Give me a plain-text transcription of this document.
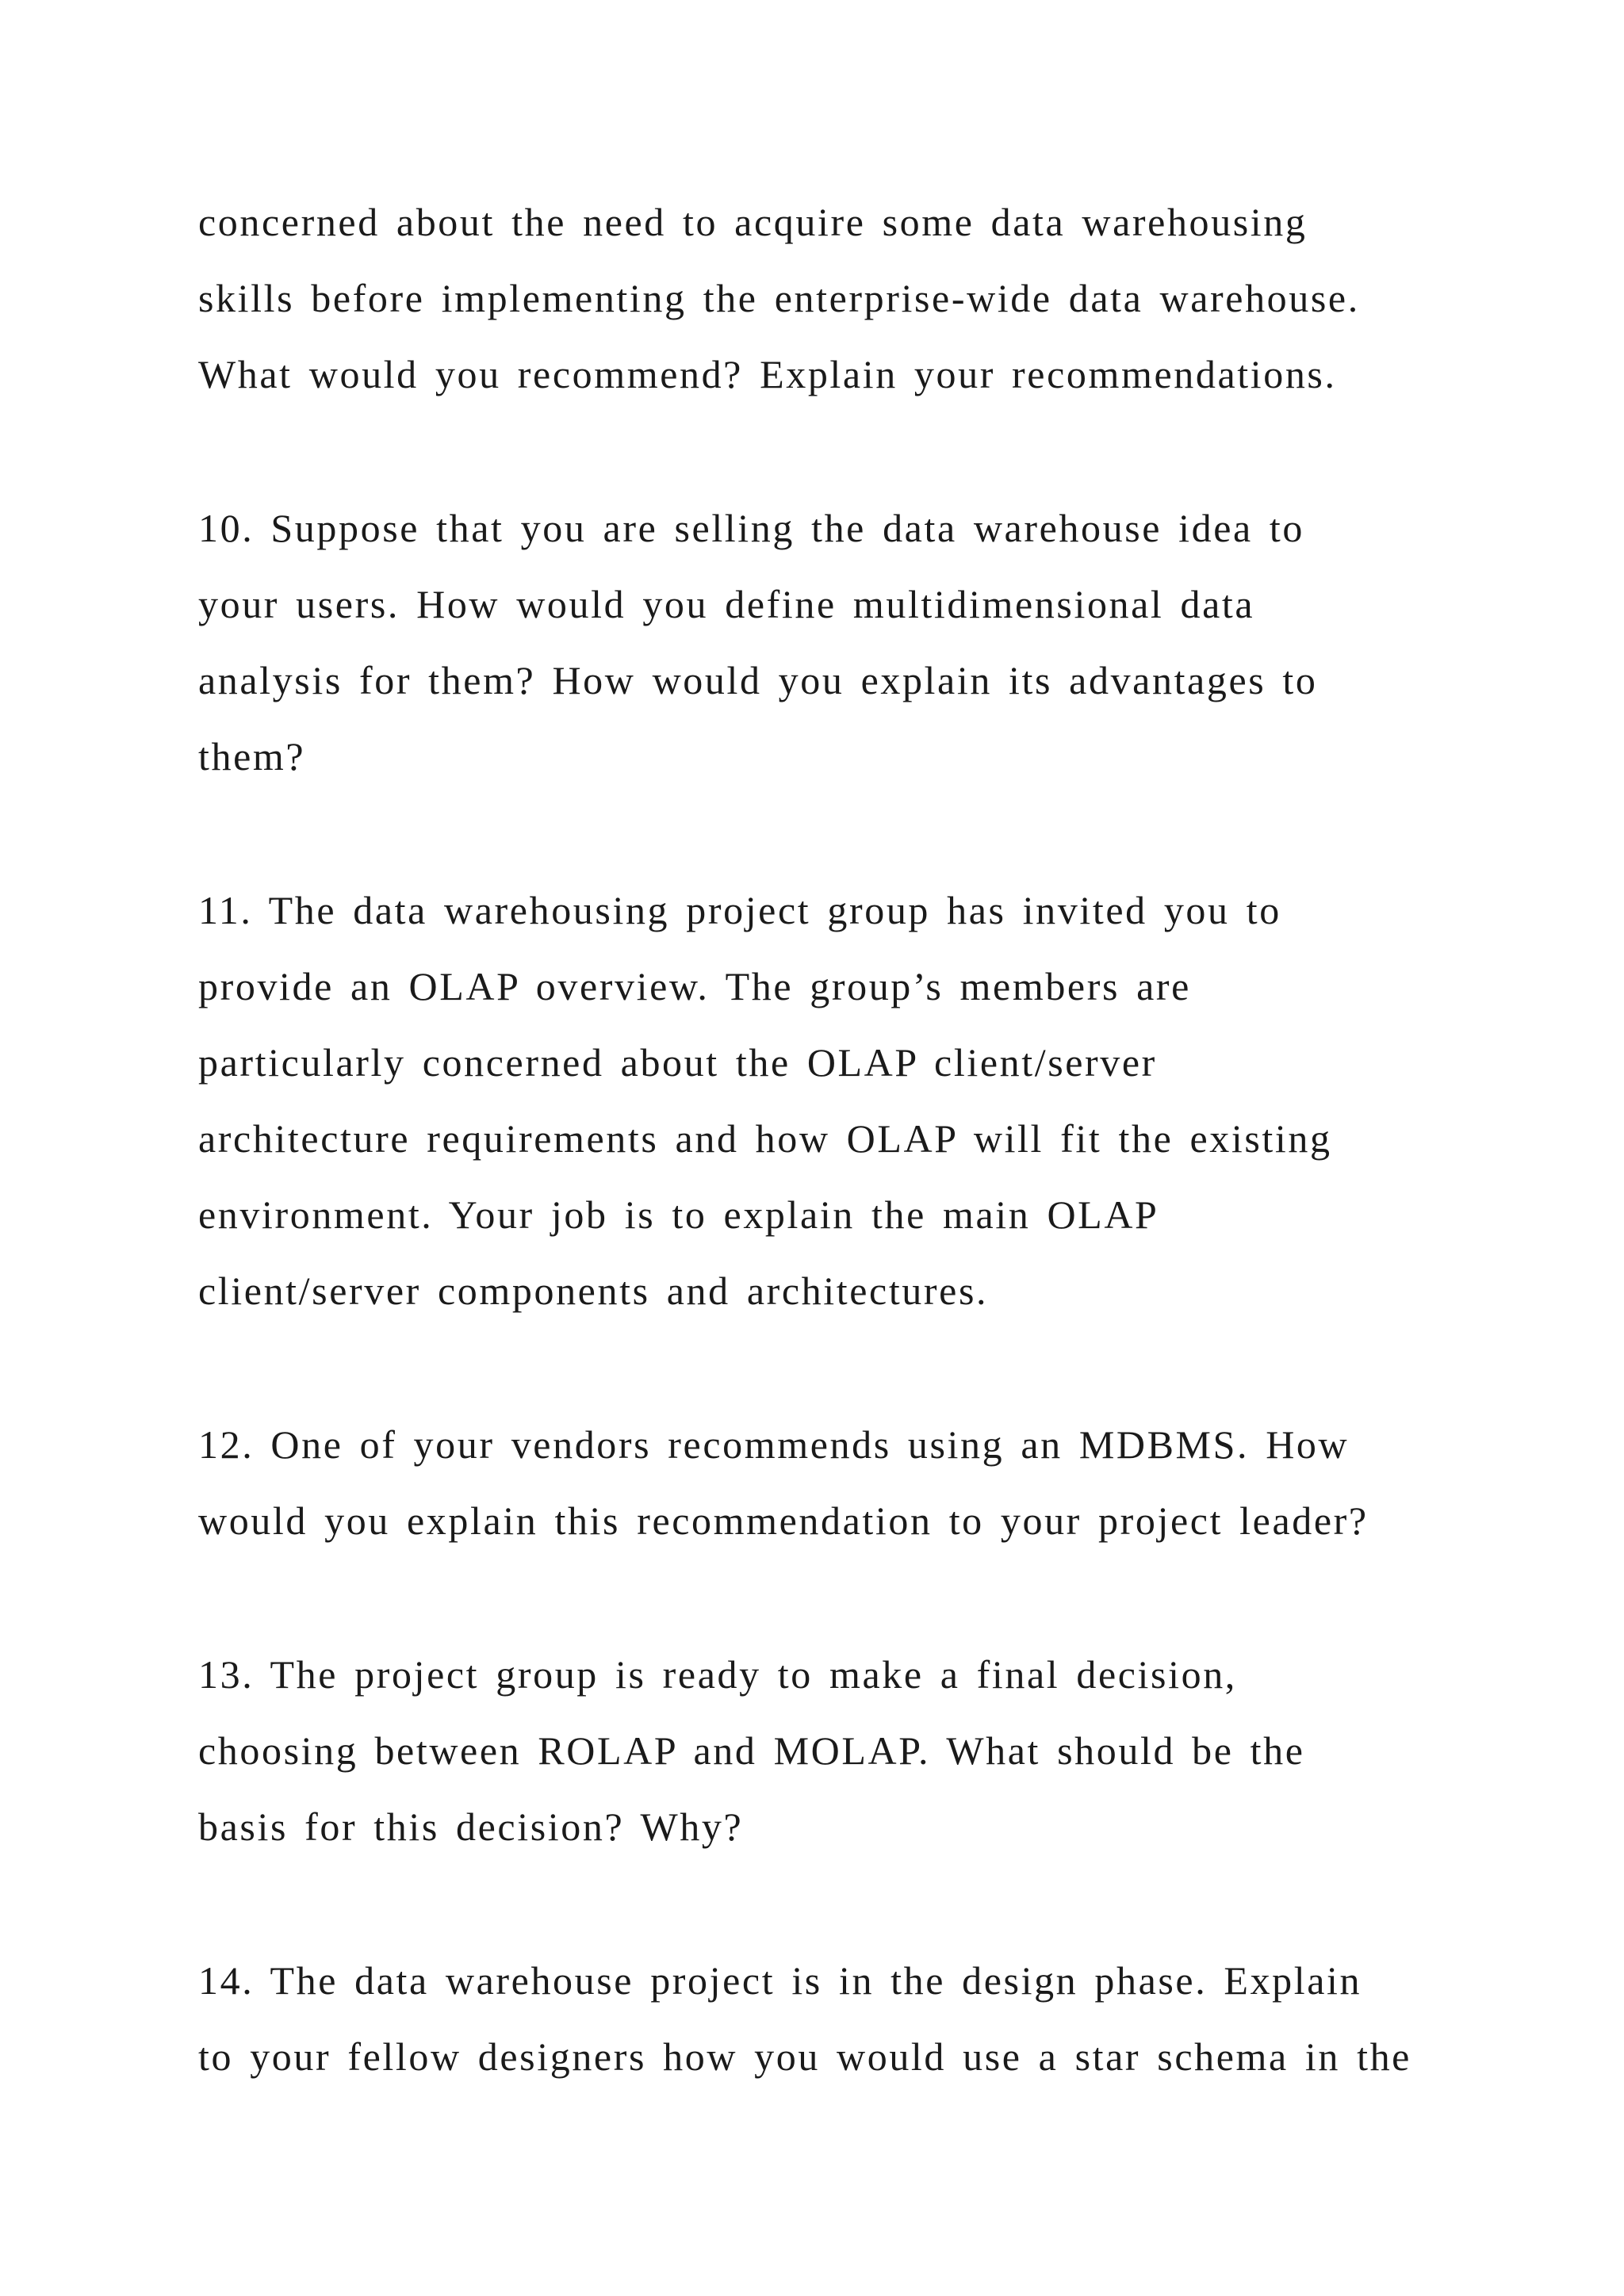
concerned about the need to acquire some data warehousing

skills before implementing the enterprise-wide data warehouse.

What would you recommend? Explain your recommendations.

10. Suppose that you are selling the data warehouse idea to

your users. How would you define multidimensional data

analysis for them? How would you explain its advantages to

them?

11. The data warehousing project group has invited you to

provide an OLAP overview. The group’s members are

particularly concerned about the OLAP client/server

architecture requirements and how OLAP will fit the existing

environment. Your job is to explain the main OLAP

client/server components and architectures.

12. One of your vendors recommends using an MDBMS. How

would you explain this recommendation to your project leader?

13. The project group is ready to make a final decision,

choosing between ROLAP and MOLAP. What should be the

basis for this decision? Why?

14. The data warehouse project is in the design phase. Explain

to your fellow designers how you would use a star schema in the
